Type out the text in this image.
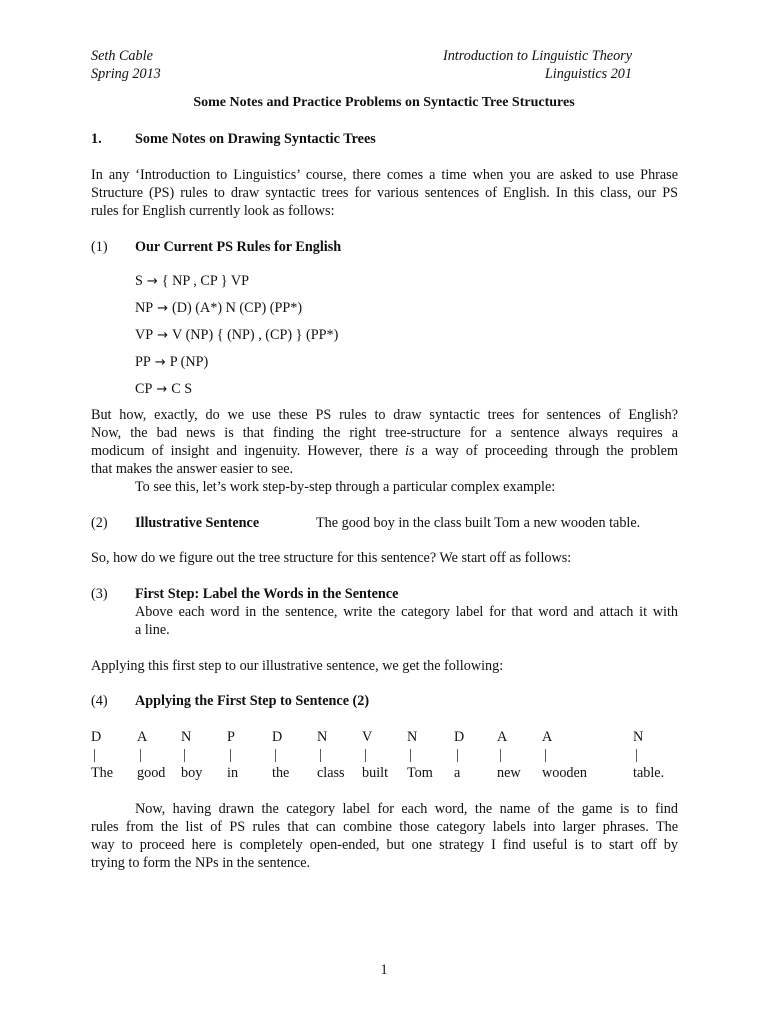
Seth Cable
Spring 2013
Introduction to Linguistic Theory
Linguistics 201
Some Notes and Practice Problems on Syntactic Tree Structures
1. Some Notes on Drawing Syntactic Trees
In any ‘Introduction to Linguistics’ course, there comes a time when you are asked to use Phrase
Structure (PS) rules to draw syntactic trees for various sentences of English. In this class, our PS
rules for English currently look as follows:
(1) Our Current PS Rules for English
S → { NP , CP } VP
NP → (D) (A*) N (CP) (PP*)
VP → V (NP) { (NP) , (CP) } (PP*)
PP → P (NP)
CP → C S
But how, exactly, do we use these PS rules to draw syntactic trees for sentences of English?
Now, the bad news is that finding the right tree-structure for a sentence always requires a
modicum of insight and ingenuity. However, there is a way of proceeding through the problem
that makes the answer easier to see.
To see this, let’s work step-by-step through a particular complex example:
(2) Illustrative Sentence	The good boy in the class built Tom a new wooden table.
So, how do we figure out the tree structure for this sentence? We start off as follows:
(3) First Step: Label the Words in the Sentence
Above each word in the sentence, write the category label for that word and attach it with
a line.
Applying this first step to our illustrative sentence, we get the following:
(4) Applying the First Step to Sentence (2)
D
|
The
A
|
good
N
|
boy
P
|
in
D
|
the
N
|
class
V
|
built
N
|
Tom
D
|
a
A
|
new
A
|
wooden
N
|
table.
Now, having drawn the category label for each word, the name of the game is to find
rules from the list of PS rules that can combine those category labels into larger phrases. The
way to proceed here is completely open-ended, but one strategy I find useful is to start off by
trying to form the NPs in the sentence.
1
